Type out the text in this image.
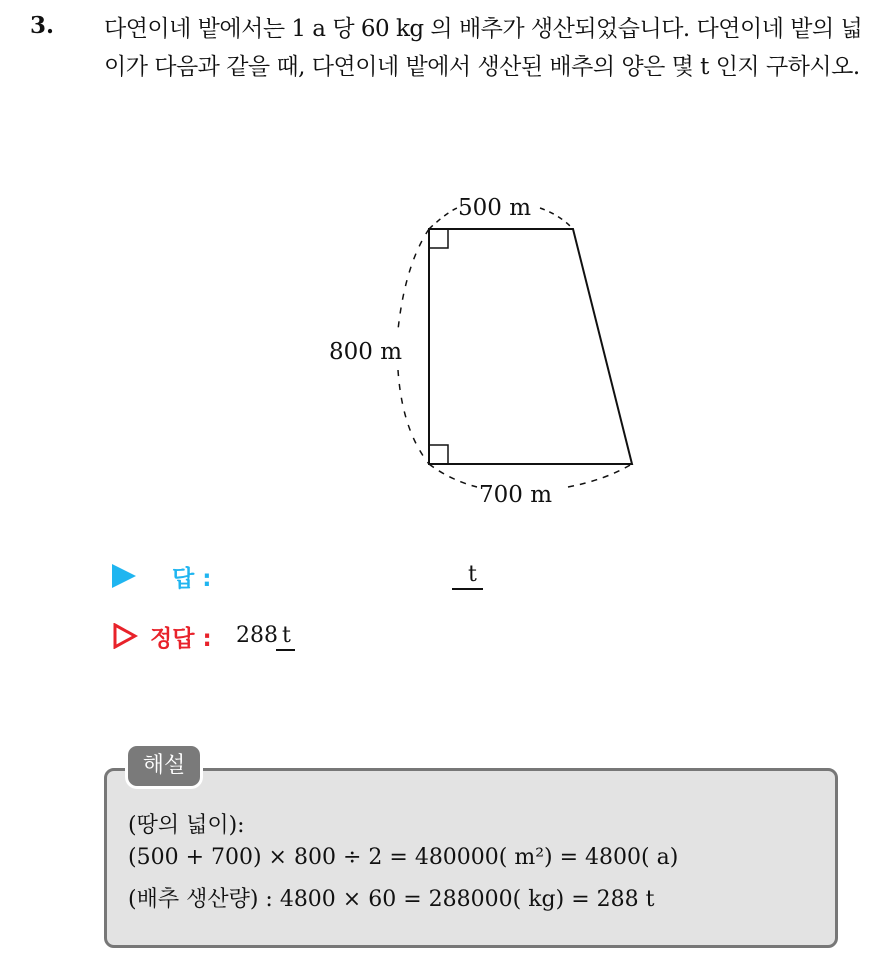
3. 다연이네 밭에서는 1 a 당 60 kg 의 배추가 생산되었습니다. 다연이네 밭의 넓이가 다음과 같을 때, 다연이네 밭에서 생산된 배추의 양은 몇 t 인지 구하시오.
500 m
800 m
700 m
답 :	t
정답 : 288 t
해설
(땅의 넓이):
(500 + 700) × 800 ÷ 2 = 480000( m²) = 4800( a)
(배추 생산량) : 4800 × 60 = 288000( kg) = 288 t
